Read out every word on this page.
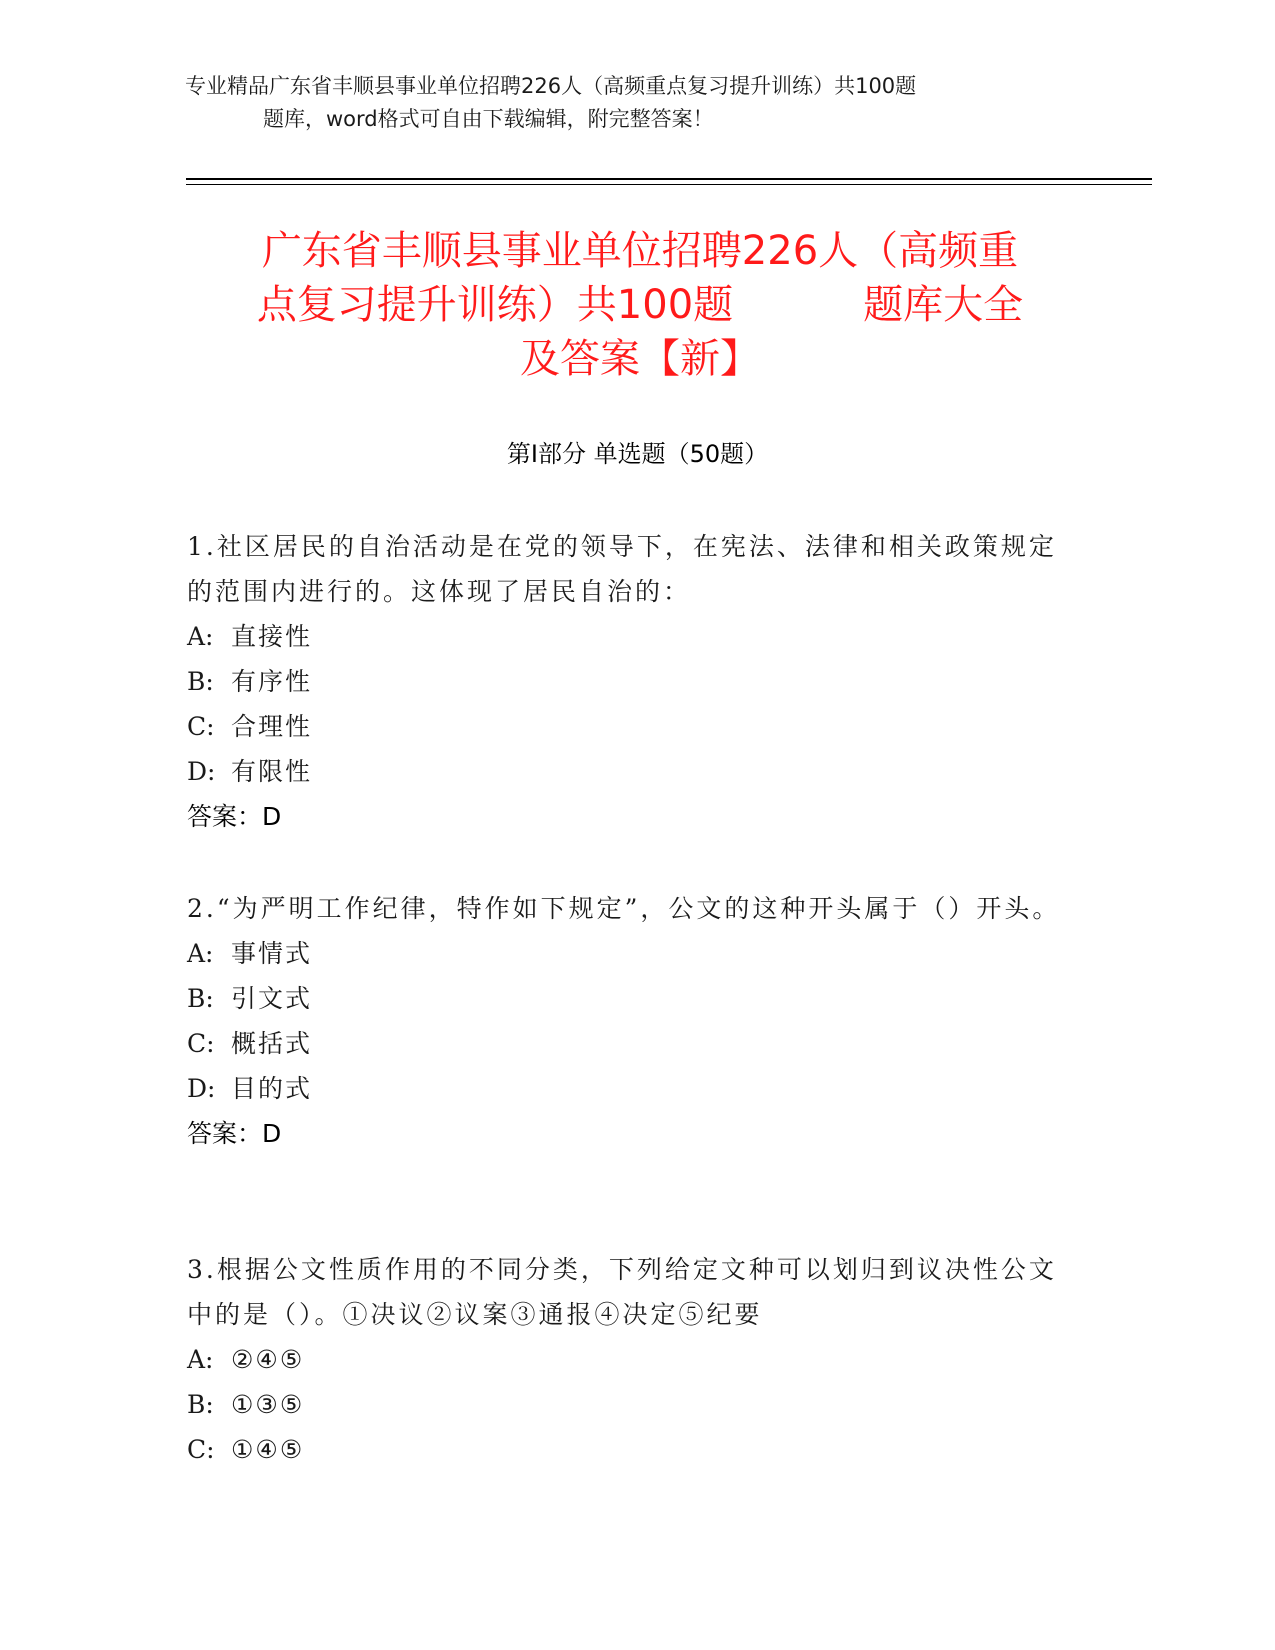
专业精品广东省丰顺县事业单位招聘226人（高频重点复习提升训练）共100题
题库，word格式可自由下载编辑，附完整答案！
广东省丰顺县事业单位招聘226人（高频重
点复习提升训练）共100题	题库大全
及答案【新】
第Ⅰ部分 单选题（50题）
1.社区居民的自治活动是在党的领导下，在宪法、法律和相关政策规定的范围内进行的。这体现了居民自治的：
A: 直接性
B: 有序性
C: 合理性
D: 有限性
答案：D
2.“为严明工作纪律，特作如下规定”，公文的这种开头属于（）开头。
A: 事情式
B: 引文式
C: 概括式
D: 目的式
答案：D
3.根据公文性质作用的不同分类，下列给定文种可以划归到议决性公文中的是（）。①决议②议案③通报④决定⑤纪要
A: ②④⑤
B: ①③⑤
C: ①④⑤
